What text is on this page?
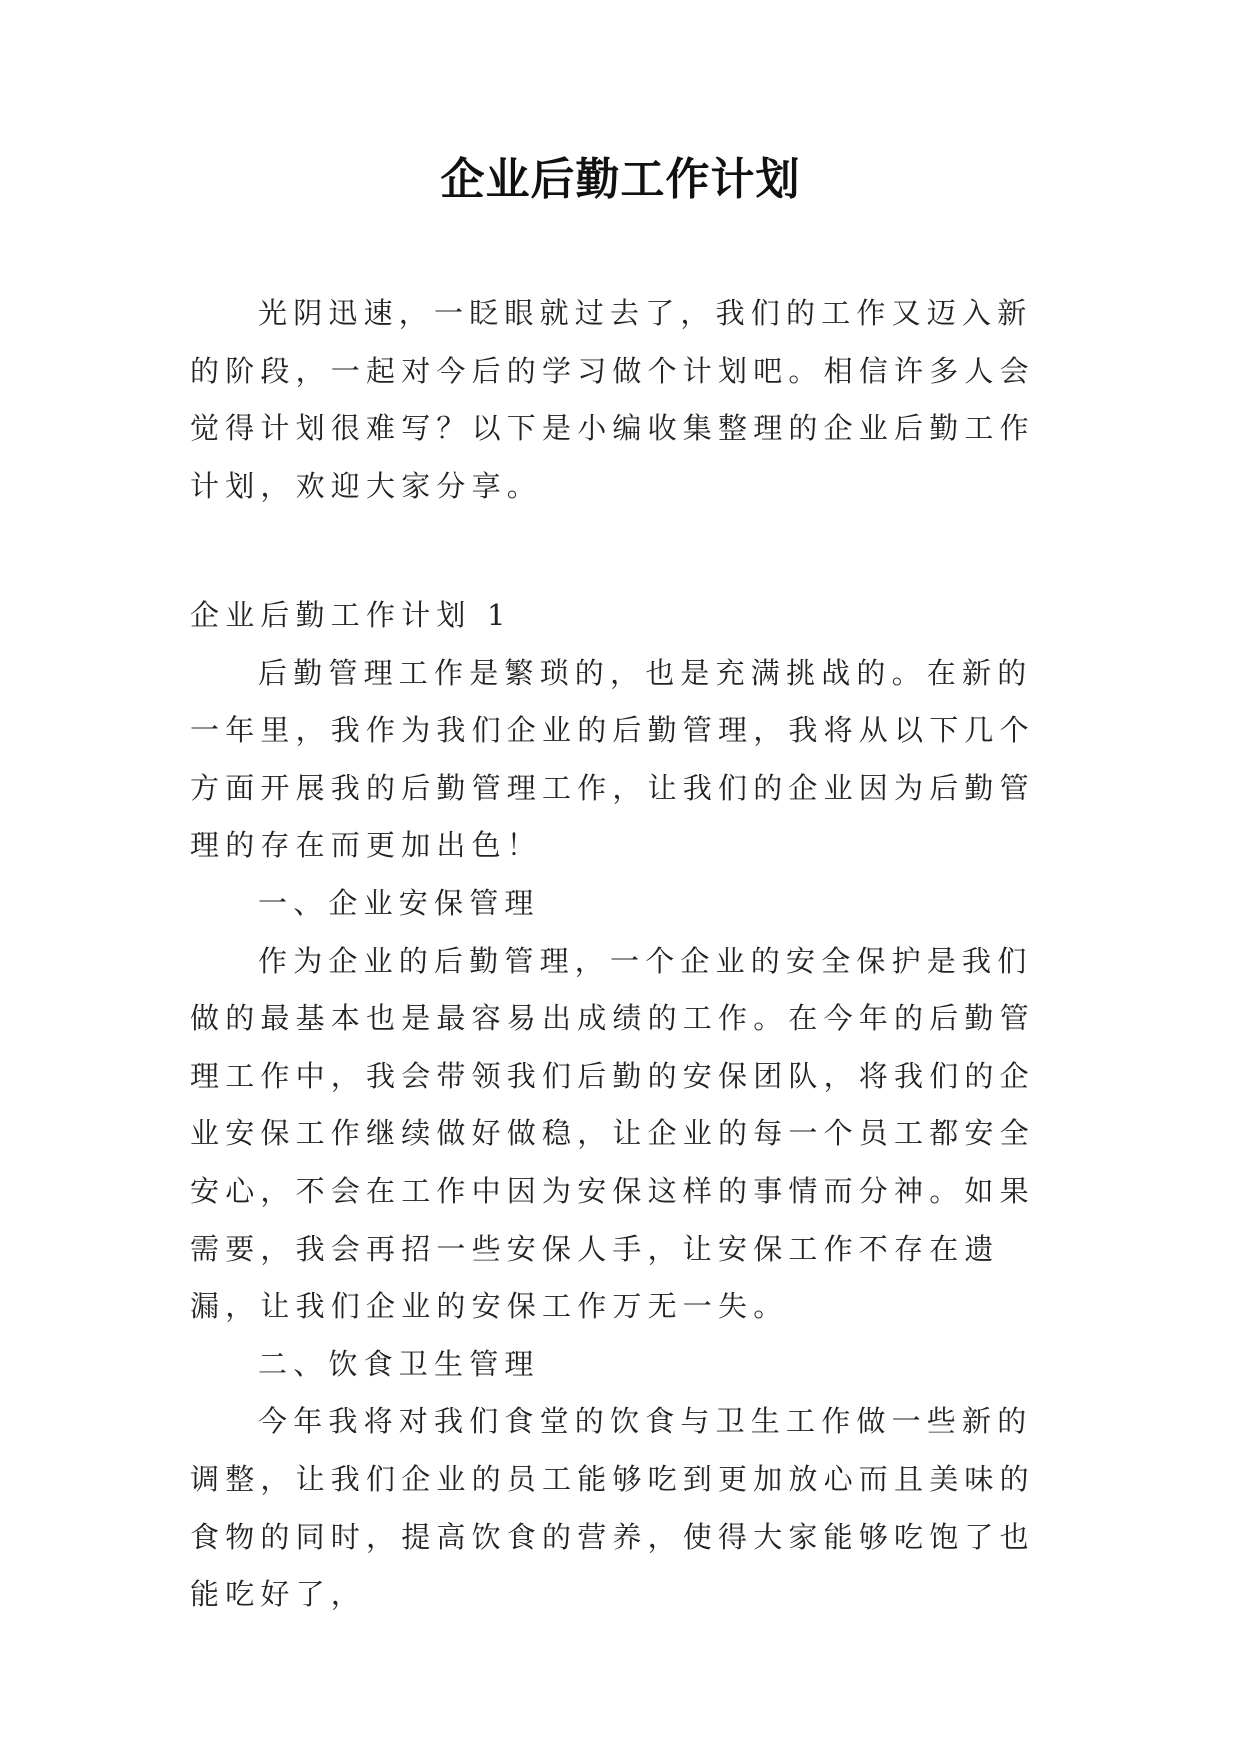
企业后勤工作计划

光阴迅速，一眨眼就过去了，我们的工作又迈入新的阶段，一起对今后的学习做个计划吧。相信许多人会觉得计划很难写？以下是小编收集整理的企业后勤工作计划，欢迎大家分享。

企业后勤工作计划 1

后勤管理工作是繁琐的，也是充满挑战的。在新的一年里，我作为我们企业的后勤管理，我将从以下几个方面开展我的后勤管理工作，让我们的企业因为后勤管理的存在而更加出色！

一、企业安保管理

作为企业的后勤管理，一个企业的安全保护是我们做的最基本也是最容易出成绩的工作。在今年的后勤管理工作中，我会带领我们后勤的安保团队，将我们的企业安保工作继续做好做稳，让企业的每一个员工都安全安心，不会在工作中因为安保这样的事情而分神。如果需要，我会再招一些安保人手，让安保工作不存在遗漏，让我们企业的安保工作万无一失。

二、饮食卫生管理

今年我将对我们食堂的饮食与卫生工作做一些新的调整，让我们企业的员工能够吃到更加放心而且美味的食物的同时，提高饮食的营养，使得大家能够吃饱了也能吃好了，
